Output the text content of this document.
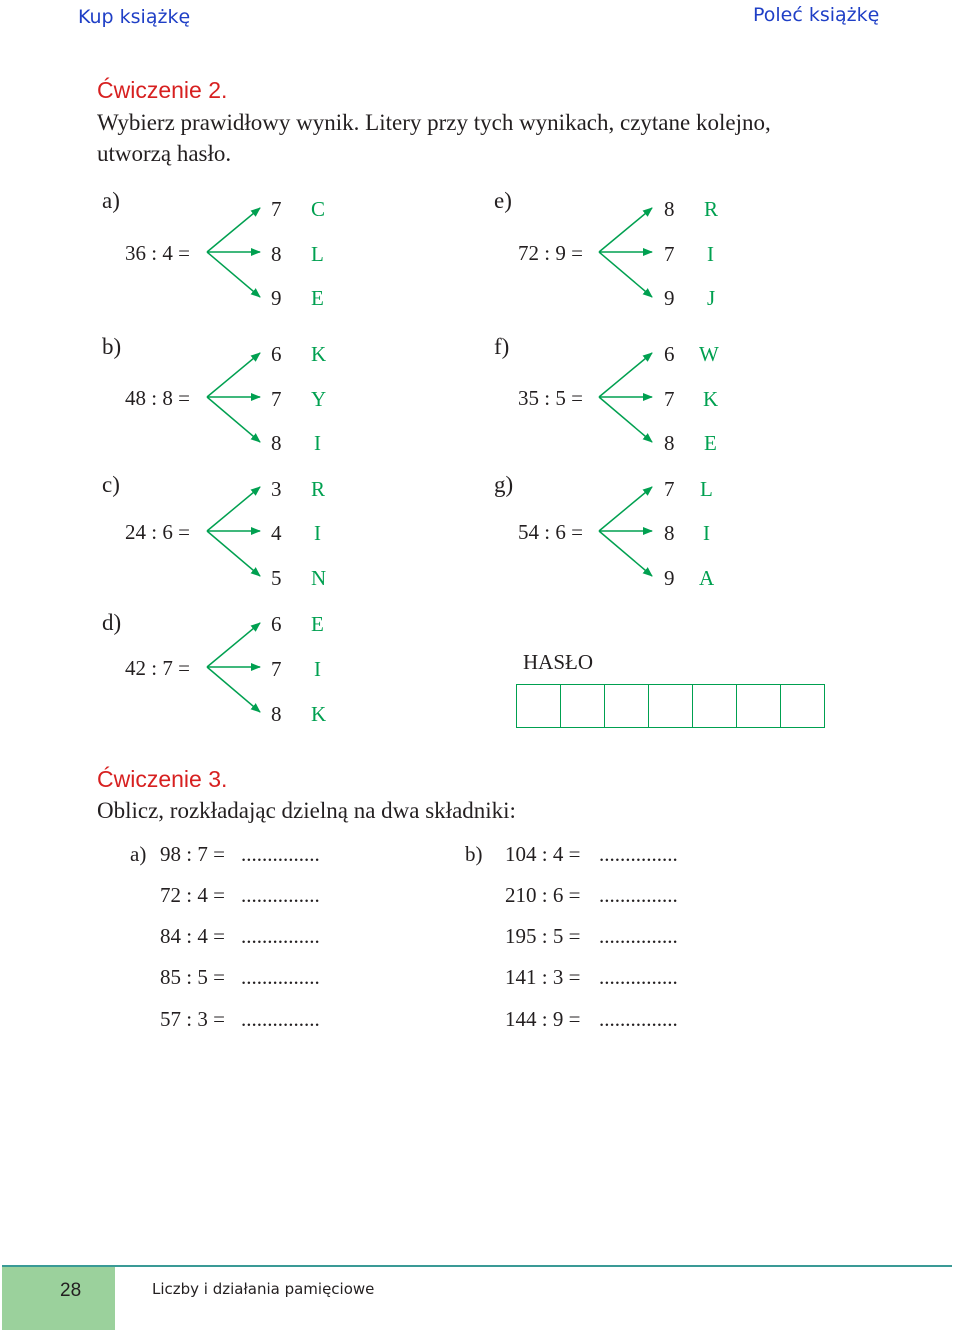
Kup książkę	Poleć książkę
Ćwiczenie 2.
Wybierz prawidłowy wynik. Litery przy tych wynikach, czytane kolejno,
utworzą hasło.
a)
36 : 4 =
7 C
8 L
9 E
b)
48 : 8 =
6 K
7 Y
8 I
c)
24 : 6 =
3 R
4 I
5 N
d)
42 : 7 =
6 E
7 I
8 K
e)
72 : 9 =
8 R
7 I
9 J
f)
35 : 5 =
6 W
7 K
8 E
g)
54 : 6 =
7 L
8 I
9 A
HASŁO
Ćwiczenie 3.
Oblicz, rozkładając dzielną na dwa składniki:
a)	b)
98 : 7 = ...............
72 : 4 = ...............
84 : 4 = ...............
85 : 5 = ...............
57 : 3 = ...............
104 : 4 = ...............
210 : 6 = ...............
195 : 5 = ...............
141 : 3 = ...............
144 : 9 = ...............
28	Liczby i działania pamięciowe
